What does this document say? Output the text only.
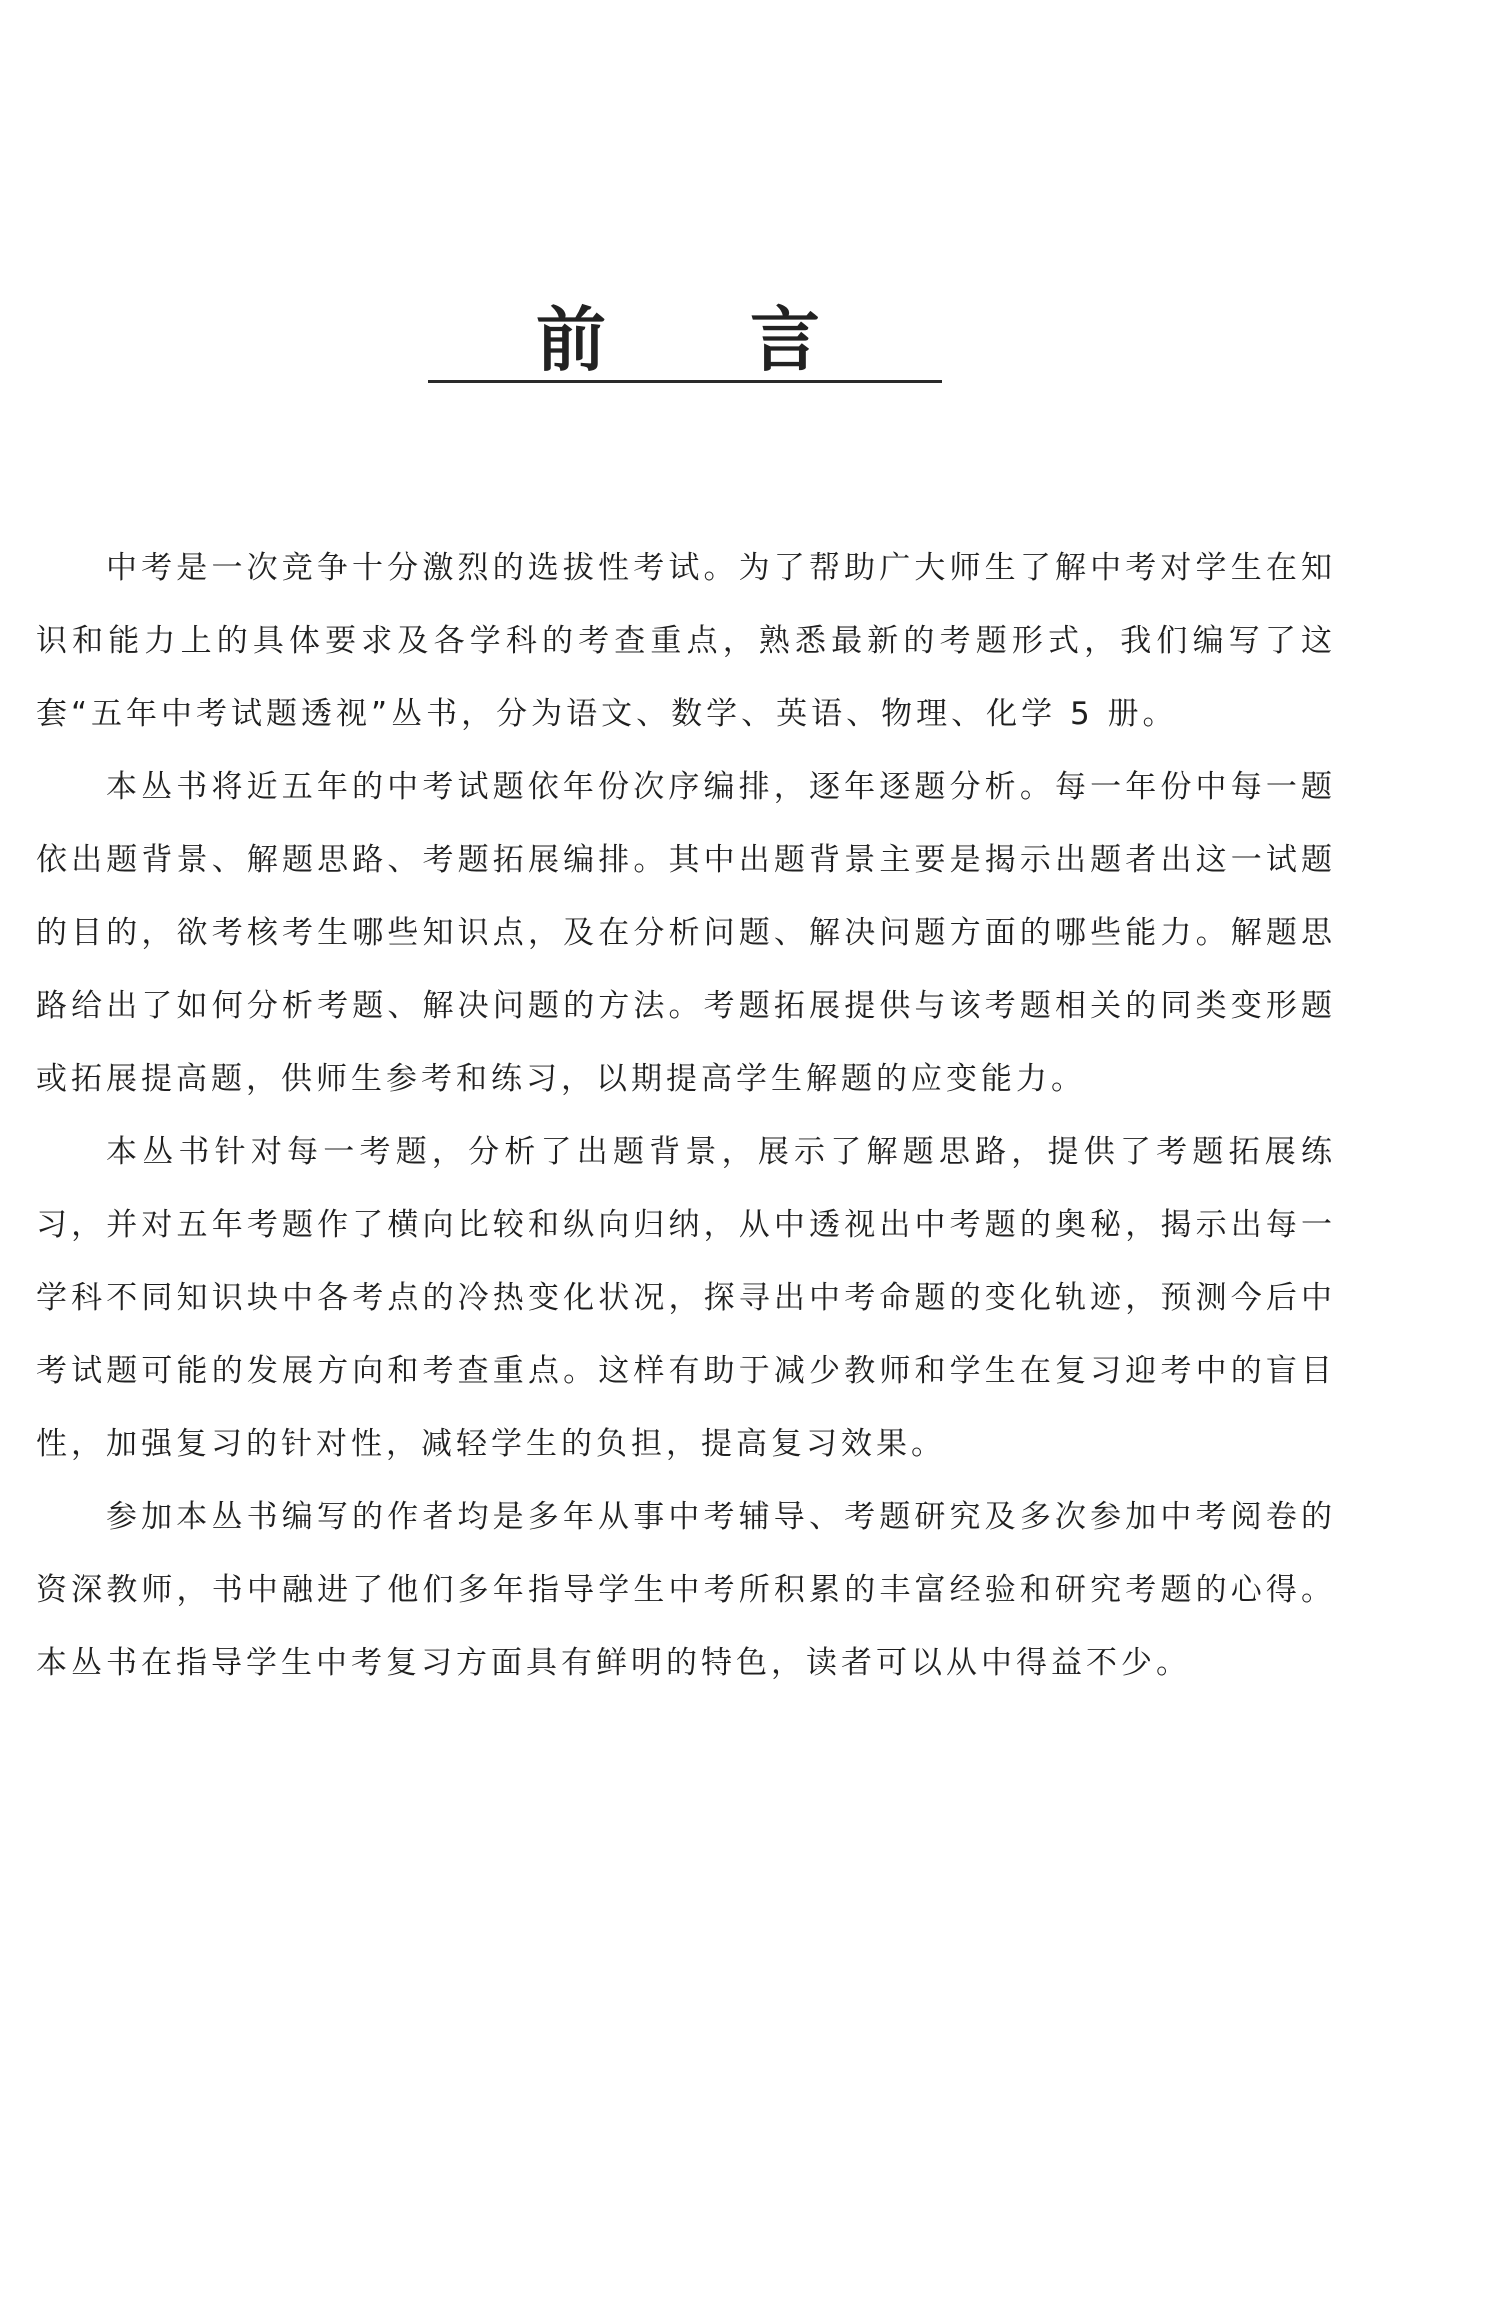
前 言

中考是一次竞争十分激烈的选拔性考试。为了帮助广大师生了解中考对学生在知识和能力上的具体要求及各学科的考查重点，熟悉最新的考题形式，我们编写了这套“五年中考试题透视”丛书，分为语文、数学、英语、物理、化学 5 册。

本丛书将近五年的中考试题依年份次序编排，逐年逐题分析。每一年份中每一题依出题背景、解题思路、考题拓展编排。其中出题背景主要是揭示出题者出这一试题的目的，欲考核考生哪些知识点，及在分析问题、解决问题方面的哪些能力。解题思路给出了如何分析考题、解决问题的方法。考题拓展提供与该考题相关的同类变形题或拓展提高题，供师生参考和练习，以期提高学生解题的应变能力。

本丛书针对每一考题，分析了出题背景，展示了解题思路，提供了考题拓展练习，并对五年考题作了横向比较和纵向归纳，从中透视出中考题的奥秘，揭示出每一学科不同知识块中各考点的冷热变化状况，探寻出中考命题的变化轨迹，预测今后中考试题可能的发展方向和考查重点。这样有助于减少教师和学生在复习迎考中的盲目性，加强复习的针对性，减轻学生的负担，提高复习效果。

参加本丛书编写的作者均是多年从事中考辅导、考题研究及多次参加中考阅卷的资深教师，书中融进了他们多年指导学生中考所积累的丰富经验和研究考题的心得。本丛书在指导学生中考复习方面具有鲜明的特色，读者可以从中得益不少。
